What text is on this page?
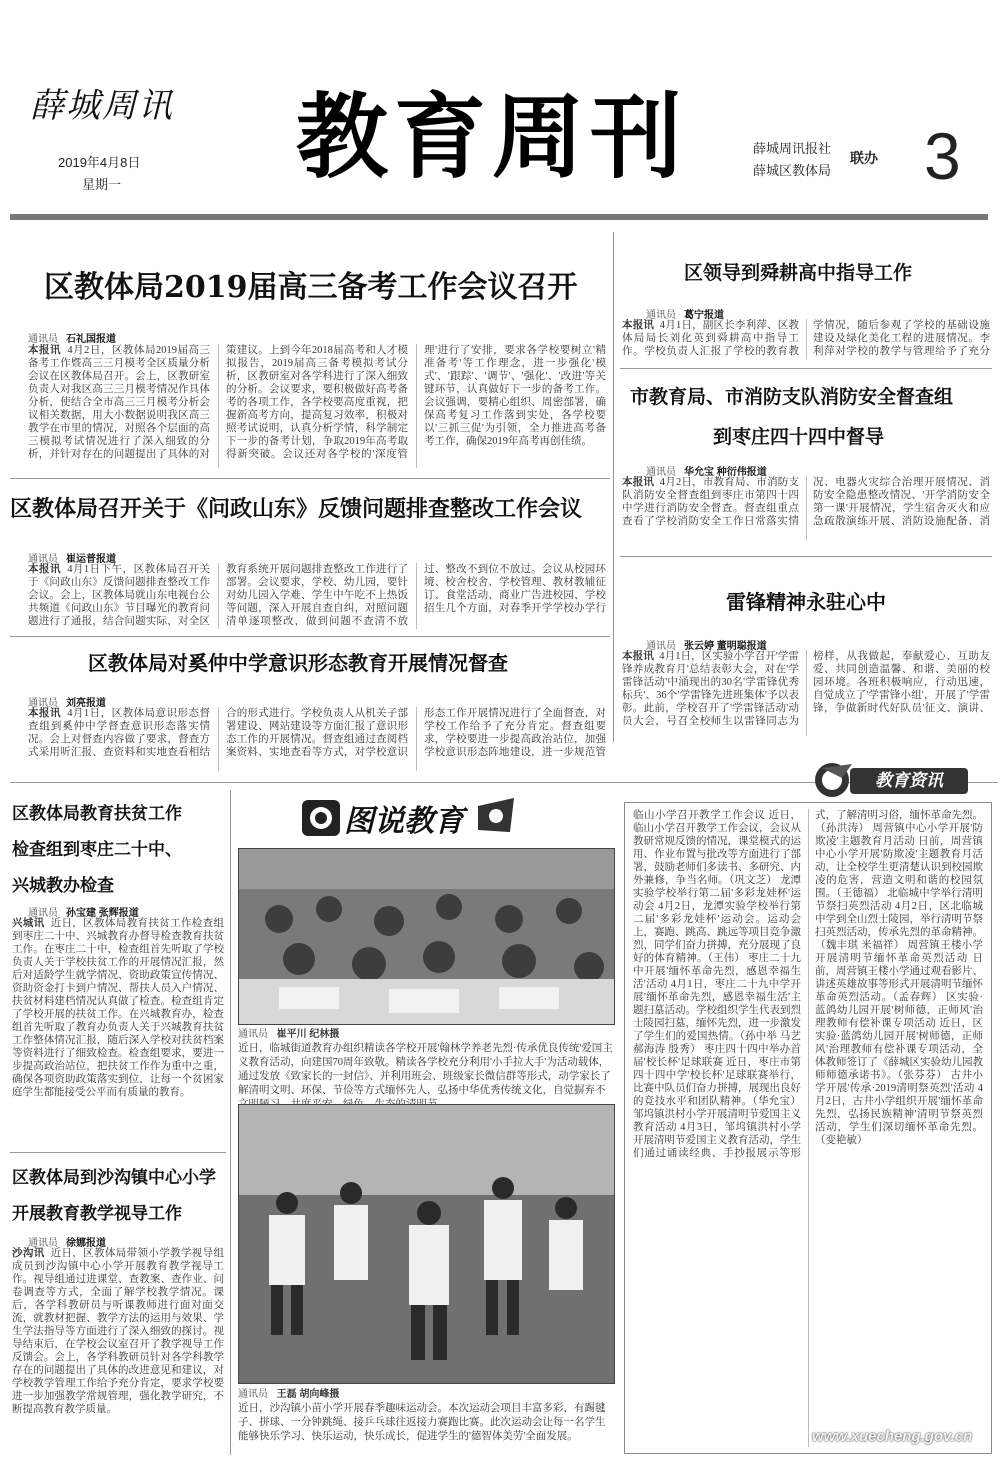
薛城周讯
2019年4月8日
星期一 教育周刊	薛城周讯报社
薛城区教体局
联办 3
区教体局2019届高三备考工作会议召开
通讯员 石礼国报道
本报讯 4月2日，区教体局2019届高三备考工作暨高三三月模考全区质量分析会议在区教体局召开。会上，区教研室负责人对我区高三三月模考情况作具体分析，使结合全市高三三月模考分析会议相关数据，用大小数据说明我区高三教学在市里的情况，对照各个层面的高三模拟考试情况进行了深入细致的分析，并针对存在的问题提出了具体的对策建议。上到今年2018届高考和人才模拟报告，2019届高三备考模拟考试分析，区教研室对各学科进行了深入细致的分析。会议要求，要积极做好高考备考的各项工作，各学校要高度重视，把握新高考方向，提高复习效率，积极对照考试说明，认真分析学情，科学制定下一步的备考计划，争取2019年高考取得新突破。会议还对各学校的'深度管理'进行了安排，要求各学校要树立'精准备考'等工作理念，进一步强化'模式'、'跟踪'、'调节'、'强化'、'改进'等关键环节，认真做好下一步的备考工作。会议强调，要精心组织、周密部署，确保高考复习工作落到实处，各学校要以'三抓三促'为引领，全力推进高考备考工作，确保2019年高考再创佳绩。
区教体局召开关于《问政山东》反馈问题排查整改工作会议
通讯员 崔运普报道
本报讯 4月1日下午，区教体局召开关于《问政山东》反馈问题排查整改工作会议。会上，区教体局就山东电视台公共频道《问政山东》节目曝光的教育问题进行了通报，结合问题实际，对全区教育系统开展问题排查整改工作进行了部署。会议要求，学校、幼儿园，要针对幼儿园入学难、学生中午吃不上热饭等问题，深入开展自查自纠，对照问题清单逐项整改，做到问题不查清不放过、整改不到位不放过。会议从校园环境、校舍校舍、学校管理、教材教辅征订、食堂活动、商业广告进校园、学校招生几个方面，对春季开学学校办学行
区教体局对奚仲中学意识形态教育开展情况督查
通讯员 刘亮报道
本报讯 4月1日，区教体局意识形态督查组到奚仲中学督查意识形态落实情况。会上对督查内容做了要求，督查方式采用听汇报、查资料和实地查看相结合的形式进行。学校负责人从机关子部署建设、网站建设等方面汇报了意识形态工作的开展情况。督查组通过查阅档案资料、实地查看等方式，对学校意识形态工作开展情况进行了全面督查，对学校工作给予了充分肯定。督查组要求，学校要进一步提高政治站位，加强学校意识形态阵地建设，进一步规范管
区领导到舜耕高中指导工作
通讯员 葛宁报道
本报讯 4月1日，副区长李利萍、区教体局局长刘化英到舜耕高中指导工作。学校负责人汇报了学校的教育教学情况，随后参观了学校的基础设施建设及绿化美化工程的进展情况。李利萍对学校的教学与管理给予了充分
市教育局、市消防支队消防安全督查组
到枣庄四十四中督导
通讯员 华允宝 种衍伟报道
本报讯 4月2日，市教育局、市消防支队消防安全督查组到枣庄市第四十四中学进行消防安全督查。督查组重点查看了学校消防安全工作日常落实情况、电器火灾综合治理开展情况、消防安全隐患整改情况、'开学消防安全第一课'开展情况，学生宿舍灭火和应急疏散演练开展、消防设施配备、消
雷锋精神永驻心中
通讯员 张云婷 董明聪报道
本报讯 4月1日，区实验小学召开'学雷锋养成教育月'总结表彰大会，对在'学雷锋活动'中涌现出的30名'学雷锋优秀标兵'、36个'学雷锋先进班集体'予以表彰。此前，学校召开了'学雷锋活动'动员大会，号召全校师生以雷锋同志为榜样，从我做起，奉献爱心、互助友爱、共同创造温馨、和谐、美丽的校园环境。各班积极响应，行动迅速，自觉成立了'学雷锋小组'，开展了'学雷锋，争做新时代好队员'征文、演讲、
区教体局教育扶贫工作
检查组到枣庄二十中、
兴城教办检查
通讯员 孙宝建 张辉报道
兴城讯 近日，区教体局教育扶贫工作检查组到枣庄二十中、兴城教育办督导检查教育扶贫工作。在枣庄二十中，检查组首先听取了学校负责人关于学校扶贫工作的开展情况汇报，然后对适龄学生就学情况、资助政策宣传情况、资助资金打卡到户情况、帮扶人员入户情况、扶贫材料建档情况认真做了检查。检查组肯定了学校开展的扶贫工作。在兴城教育办，检查组首先听取了教育办负责人关于兴城教育扶贫工作整体情况汇报，随后深入学校对扶贫档案等资料进行了细致检查。检查组要求，要进一步提高政治站位，把扶贫工作作为重中之重，确保各项资助政策落实到位，让每一个贫困家庭学生都能接受公平而有质量的教育。
区教体局到沙沟镇中心小学
开展教育教学视导工作
通讯员 徐娜报道
沙沟讯 近日，区教体局带领小学教学视导组成员到沙沟镇中心小学开展教育教学视导工作。视导组通过进课堂、查教案、查作业、问卷调查等方式，全面了解学校教学情况。课后，各学科教研员与听课教师进行面对面交流，就教材把握、教学方法的运用与效果、学生学法指导等方面进行了深入细致的探讨。视导结束后，在学校会议室召开了教学视导工作反馈会。会上，各学科教研员针对各学科教学存在的问题提出了具体的改进意见和建议，对学校教学管理工作给予充分肯定，要求学校要进一步加强教学常规管理，强化教学研究，不断提高教育教学质量。
图说教育
通讯员 崔平川 纪林摄
近日，临城街道教育办组织精读各学校开展'翰林学养老先烈·传承优良传统'爱国主义教育活动，向建国70周年致敬。精读各学校充分利用'小手拉大手'为活动载体，通过发放《致家长的一封信》、并利用班会、班级家长微信群等形式，动学家长了解清明文明、环保、节俭等方式缅怀先人，弘扬中华优秀传统文化，自觉摒弃不
通讯员 王磊 胡向峰摄
近日，沙沟镇小苗小学开展春季趣味运动会。本次运动会项目丰富多彩，有踢毽子、拼球、一分钟跳绳、接乒乓球往返接力赛跑比赛。此次运动会让每一名学生能够快乐学习、快乐运动，快乐成长，促进学生的'德智体美劳'全面发展。
教育资讯
临山小学召开教学工作会议 近日，临山小学召开教学工作会议，会议从教研常规反馈的情况，课堂模式的运用、作业布置与批改等方面进行了部署，鼓励老师们多读书、多研究、内外兼修，争当名师。（巩文芝） 龙潭实验学校举行第二届'多彩龙娃杯'运动会 4月2日，龙潭实验学校举行第二届'多彩龙娃杯'运动会。运动会上，赛跑、跳高、跳远等项目竞争激烈，同学们奋力拼搏，充分展现了良好的体育精神。（王伟） 枣庄二十九中开展'缅怀革命先烈，感恩幸福生活'活动 4月1日，枣庄二十九中学开展'缅怀革命先烈，感恩幸福生活'主题扫墓活动。学校组织学生代表到烈士陵园扫墓，缅怀先烈，进一步激发了学生们的爱国热情。（孙中举 马艺 郝海涛 殷秀） 枣庄四十四中举办首届'校长杯'足球联赛 近日，枣庄市第四十四中学'校长杯'足球联赛举行，比赛中队员们奋力拼搏，展现出良好的竞技水平和团队精神。（华允宝） 邹坞镇洪村小学开展清明节爱国主义教育活动 4月3日，邹坞镇洪村小学开展清明节爱国主义教育活动，学生们通过诵读经典、手抄报展示等形式，了解清明习俗，缅怀革命先烈。（孙洪涛） 周营镇中心小学开展'防欺凌'主题教育月活动 日前，周营镇中心小学开展'防欺凌'主题教育月活动，让全校学生更清楚认识到校园欺凌的危害，营造文明和谐的校园氛围。（王德福） 北临城中学举行清明节祭扫英烈活动 4月2日，区北临城中学到全山烈士陵园，举行清明节祭扫英烈活动，传承先烈的革命精神。（魏丰琪 米福祥） 周营镇王楼小学开展清明节缅怀革命英烈活动 日前，周营镇王楼小学通过观看影片、讲述英雄故事等形式开展清明节缅怀革命英烈活动。（孟春辉） 区实验·蓝鸽幼儿园开展'树师德，正师风'治理教师有偿补课专项活动 近日，区实验·蓝鸽幼儿园开展'树师德，正师风'治理教师有偿补课专项活动，全体教师签订了《薛城区实验幼儿园教师师德承诺书》。（张芬芬） 古井小学开展'传承·2019清明祭英烈'活动 4月2日，古井小学组织开展'缅怀革命先烈，弘扬民族精神'清明节祭英烈活动，学生们深切缅怀革命先烈。（变艳敏）
www.xuecheng.gov.cn
